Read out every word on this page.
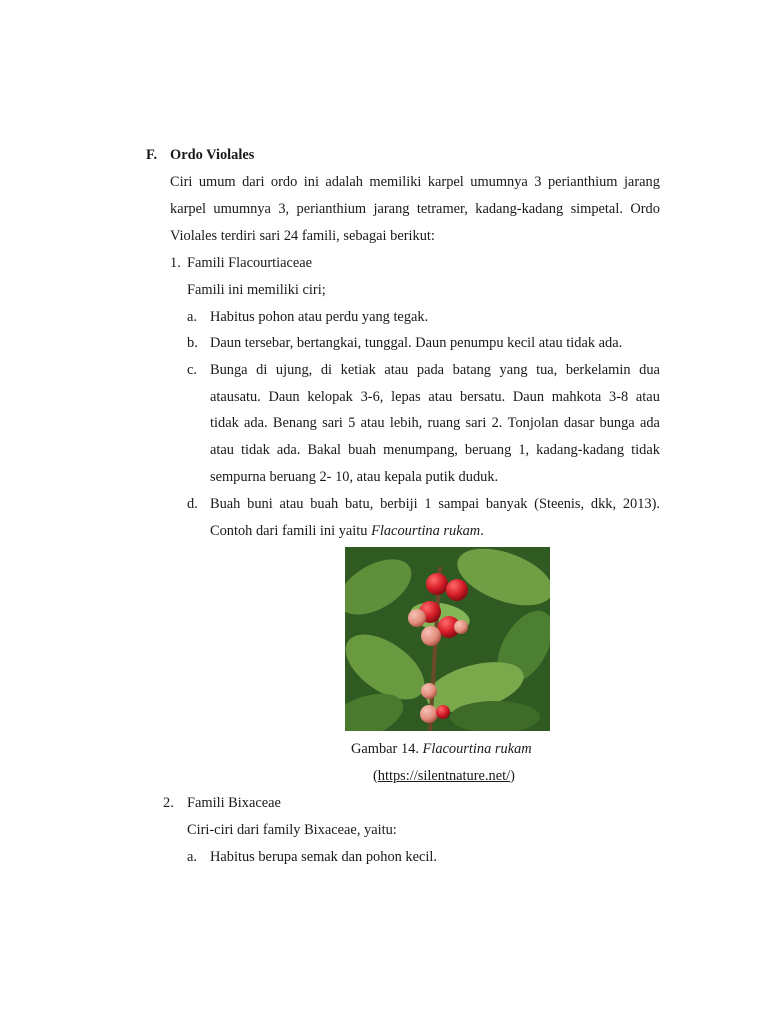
F. Ordo Violales
Ciri umum dari ordo ini adalah memiliki karpel umumnya 3 perianthium jarang
karpel umumnya 3, perianthium jarang tetramer, kadang-kadang simpetal. Ordo
Violales terdiri sari 24 famili, sebagai berikut:
1. Famili Flacourtiaceae
Famili ini memiliki ciri;
a. Habitus pohon atau perdu yang tegak.
b. Daun tersebar, bertangkai, tunggal. Daun penumpu kecil atau tidak ada.
c. Bunga di ujung, di ketiak atau pada batang yang tua, berkelamin dua
atausatu. Daun kelopak 3-6, lepas atau bersatu. Daun mahkota 3-8 atau
tidak ada. Benang sari 5 atau lebih, ruang sari 2. Tonjolan dasar bunga ada
atau tidak ada. Bakal buah menumpang, beruang 1, kadang-kadang tidak
sempurna beruang 2- 10, atau kepala putik duduk.
d. Buah buni atau buah batu, berbiji 1 sampai banyak (Steenis, dkk, 2013).
Contoh dari famili ini yaitu Flacourtina rukam.
Gambar 14. Flacourtina rukam
(https://silentnature.net/)
2. Famili Bixaceae
Ciri-ciri dari family Bixaceae, yaitu:
a. Habitus berupa semak dan pohon kecil.
